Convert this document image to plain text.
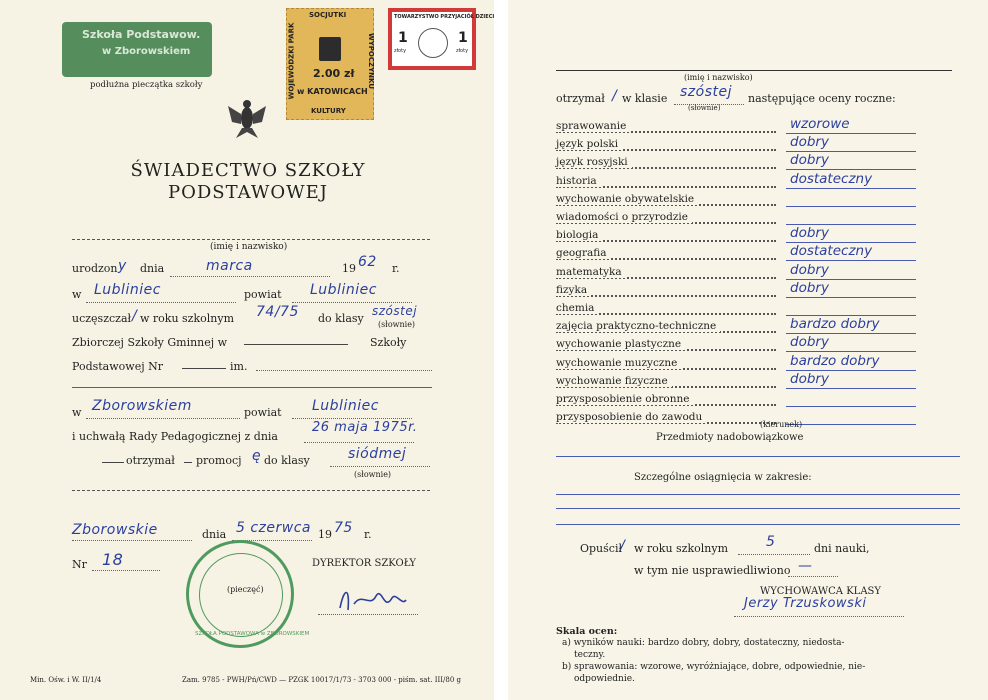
Szkoła Podstawow.
w Zborowskiem
podłużna pieczątka szkoły
SOCJUTKI
WOJEWÓDZKI PARK	WYPOCZYNKU
2.00 zł
w KATOWICACH
KULTURY
TOWARZYSTWO PRZYJACIÓŁ DZIECI
1
złoty
1
złoty
ŚWIADECTWO SZKOŁY
PODSTAWOWEJ
(imię i nazwisko)
urodzon y dnia	marca	19 62 r.
w Lubliniec	powiat Lubliniec
uczęszczał / w roku szkolnym 74/75 do klasy
szóstej
(słownie)
Zbiorczej Szkoły Gminnej w	Szkoły
Podstawowej Nr	im.
w Zborowskiem	powiat Lubliniec
i uchwałą Rady Pedagogicznej z dnia
26 maja 1975r.
otrzymał promocj ę do klasy	siódmej
(słownie)
Zborowskie	dnia 5 czerwca 19 75 r.
Nr 18	DYREKTOR SZKOŁY
(pieczęć)
SZKOŁA PODSTAWOWA w ZBOROWSKIEM
Min. Ośw. i W. II/1/4	Zam. 9785 - PWH/Pń/CWD — PZGK 10017/1/73 - 3703 000 - piśm. sat. III/80 g
(imię i nazwisko)
otrzymał / w klasie szóstej
(słownie)
następujące oceny roczne:
sprawowanie	wzorowe
język polski	dobry
język rosyjski	dobry
historia	dostateczny
wychowanie obywatelskie
wiadomości o przyrodzie
biologia	dobry
geografia	dostateczny
matematyka	dobry
fizyka	dobry
chemia
zajęcia praktyczno-techniczne	bardzo dobry
wychowanie plastyczne	dobry
wychowanie muzyczne	bardzo dobry
wychowanie fizyczne	dobry
przysposobienie obronne
przysposobienie do zawodu
(kierunek)
Przedmioty nadobowiązkowe
Szczególne osiągnięcia w zakresie:
Opuścił
/ w roku szkolnym	5	dni nauki,
w tym nie usprawiedliwiono —
WYCHOWAWCA KLASY
Jerzy Trzuskowski
Skala ocen:
a) wyników nauki: bardzo dobry, dobry, dostateczny, niedosta-
teczny.
b) sprawowania: wzorowe, wyróżniające, dobre, odpowiednie, nie-
odpowiednie.
